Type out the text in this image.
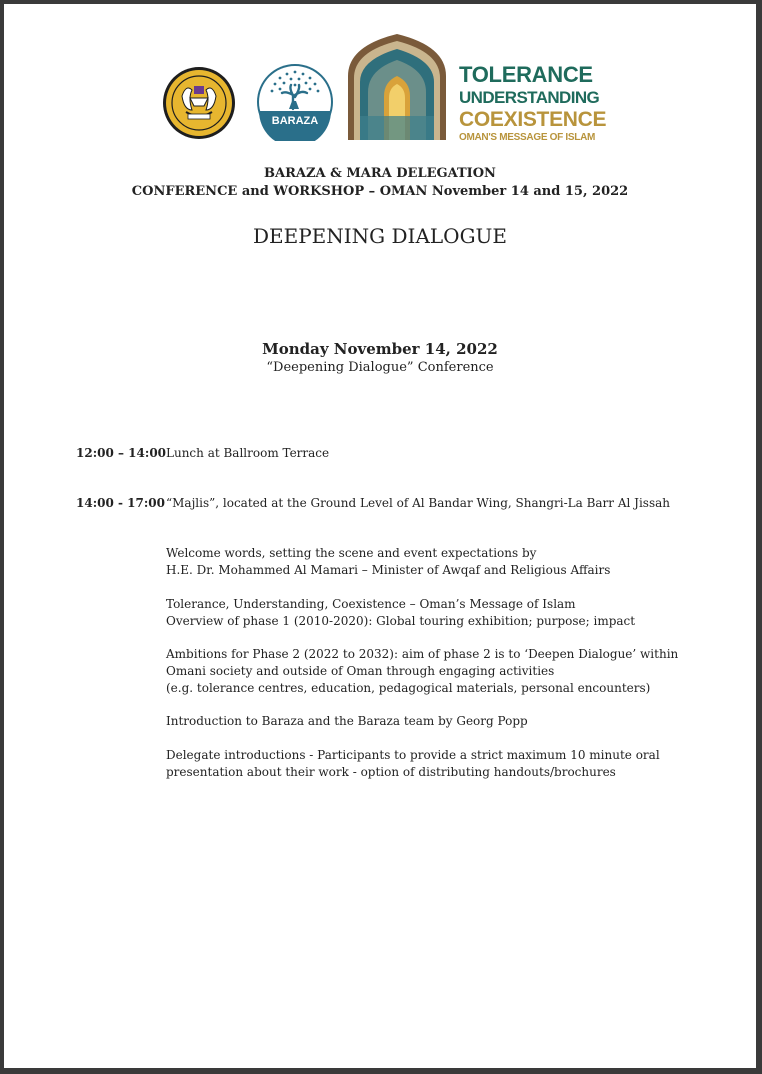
TOLERANCE
UNDERSTANDING
COEXISTENCE
OMAN'S MESSAGE OF ISLAM
BARAZA & MARA DELEGATION
CONFERENCE and WORKSHOP – OMAN November 14 and 15, 2022
DEEPENING DIALOGUE
Monday November 14, 2022
“Deepening Dialogue” Conference
12:00 – 14:00 Lunch at Ballroom Terrace
14:00 - 17:00 “Majlis”, located at the Ground Level of Al Bandar Wing, Shangri-La Barr Al Jissah
Welcome words, setting the scene and event expectations by
H.E. Dr. Mohammed Al Mamari – Minister of Awqaf and Religious Affairs
Tolerance, Understanding, Coexistence – Oman’s Message of Islam
Overview of phase 1 (2010-2020): Global touring exhibition; purpose; impact
Ambitions for Phase 2 (2022 to 2032): aim of phase 2 is to ‘Deepen Dialogue’ within
Omani society and outside of Oman through engaging activities
(e.g. tolerance centres, education, pedagogical materials, personal encounters)
Introduction to Baraza and the Baraza team by Georg Popp
Delegate introductions - Participants to provide a strict maximum 10 minute oral
presentation about their work - option of distributing handouts/brochures
BARAZA
